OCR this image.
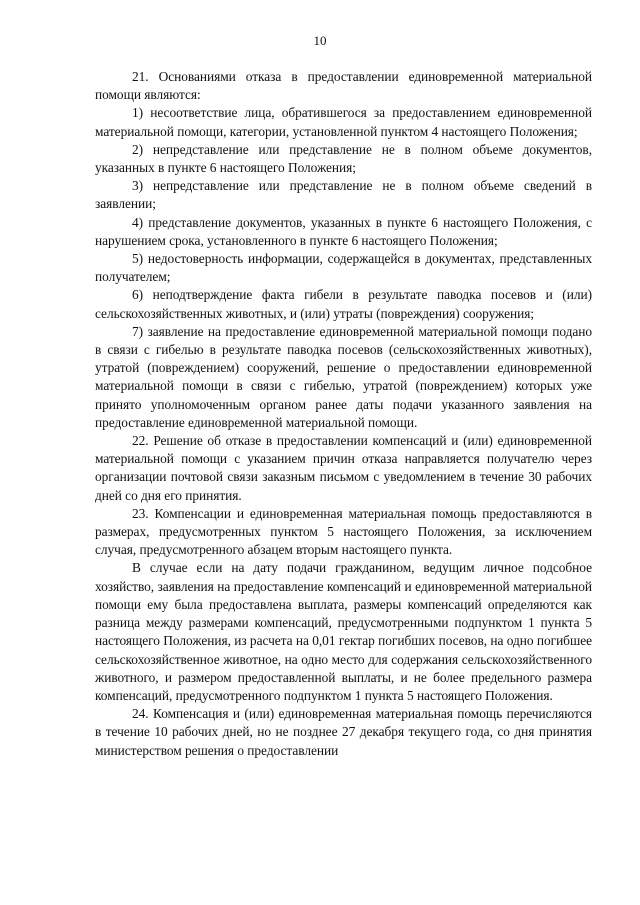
10

21. Основаниями отказа в предоставлении единовременной материальной помощи являются:

1) несоответствие лица, обратившегося за предоставлением единовременной материальной помощи, категории, установленной пунктом 4 настоящего Положения;

2) непредставление или представление не в полном объеме документов, указанных в пункте 6 настоящего Положения;

3) непредставление или представление не в полном объеме сведений в заявлении;

4) представление документов, указанных в пункте 6 настоящего Положения, с нарушением срока, установленного в пункте 6 настоящего Положения;

5) недостоверность информации, содержащейся в документах, представленных получателем;

6) неподтверждение факта гибели в результате паводка посевов и (или) сельскохозяйственных животных, и (или) утраты (повреждения) сооружения;

7) заявление на предоставление единовременной материальной помощи подано в связи с гибелью в результате паводка посевов (сельскохозяйственных животных), утратой (повреждением) сооружений, решение о предоставлении единовременной материальной помощи в связи с гибелью, утратой (повреждением) которых уже принято уполномоченным органом ранее даты подачи указанного заявления на предоставление единовременной материальной помощи.

22. Решение об отказе в предоставлении компенсаций и (или) единовременной материальной помощи с указанием причин отказа направляется получателю через организации почтовой связи заказным письмом с уведомлением в течение 30 рабочих дней со дня его принятия.

23. Компенсации и единовременная материальная помощь предоставляются в размерах, предусмотренных пунктом 5 настоящего Положения, за исключением случая, предусмотренного абзацем вторым настоящего пункта.

В случае если на дату подачи гражданином, ведущим личное подсобное хозяйство, заявления на предоставление компенсаций и единовременной материальной помощи ему была предоставлена выплата, размеры компенсаций определяются как разница между размерами компенсаций, предусмотренными подпунктом 1 пункта 5 настоящего Положения, из расчета на 0,01 гектар погибших посевов, на одно погибшее сельскохозяйственное животное, на одно место для содержания сельскохозяйственного животного, и размером предоставленной выплаты, и не более предельного размера компенсаций, предусмотренного подпунктом 1 пункта 5 настоящего Положения.

24. Компенсация и (или) единовременная материальная помощь перечисляются в течение 10 рабочих дней, но не позднее 27 декабря текущего года, со дня принятия министерством решения о предоставлении
